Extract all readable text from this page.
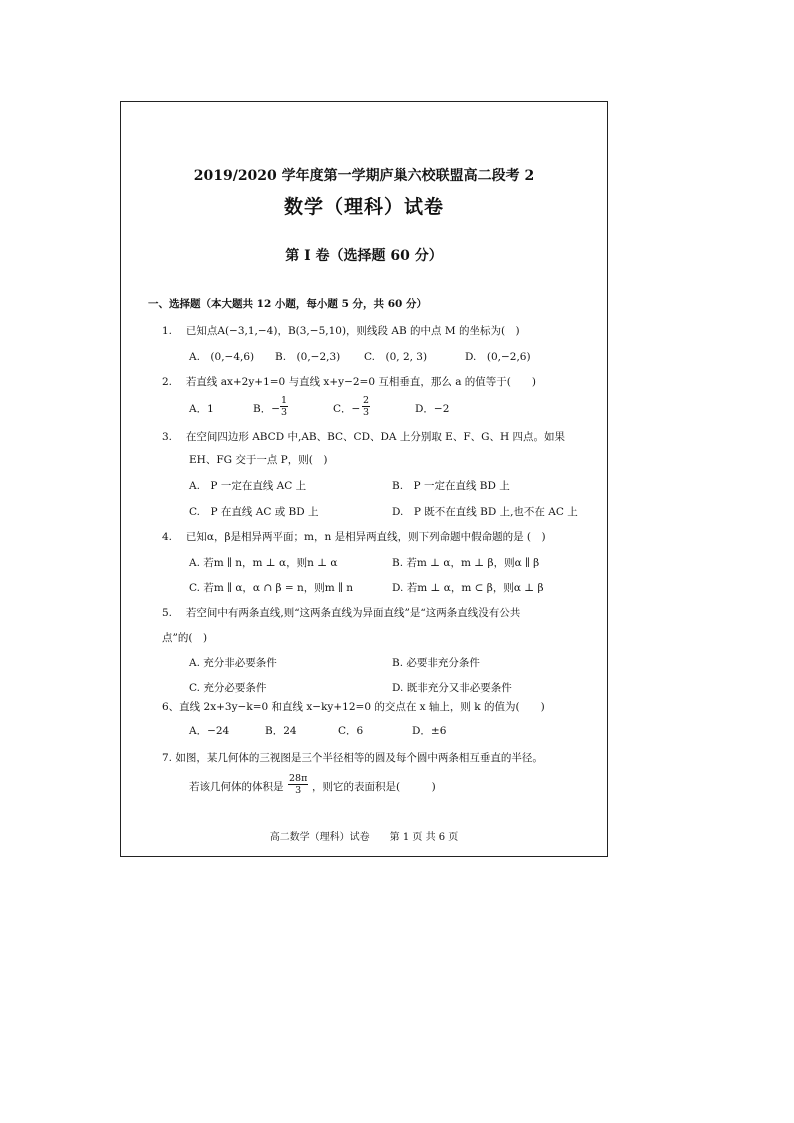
2019/2020 学年度第一学期庐巢六校联盟高二段考 2
数学（理科）试卷
第 I 卷（选择题 60 分）
一、选择题（本大题共 12 小题，每小题 5 分，共 60 分）
1.　 已知点A(−3,1,−4)，B(3,−5,10)，则线段 AB 的中点 M 的坐标为(　)
A.　(0,−4,6) B.　(0,−2,3) C.　(0, 2, 3)	D.　(0,−2,6)
2.　 若直线 ax+2y+1=0 与直线 x+y−2=0 互相垂直，那么 a 的值等于(　　)
A．1	B．− $\frac{1}{3}$	C．− $\frac{2}{3}$	D．−2
3.　 在空间四边形 ABCD 中,AB、BC、CD、DA 上分别取 E、F、G、H 四点。如果
EH、FG 交于一点 P，则(　)
A.　P 一定在直线 AC 上	B.　P 一定在直线 BD 上
C.　P 在直线 AC 或 BD 上	D.　P 既不在直线 BD 上,也不在 AC 上
4.　 已知α，β是相异两平面；m，n 是相异两直线，则下列命题中假命题的是 (　)
A. 若m ∥ n，m ⊥ α，则n ⊥ α	B. 若m ⊥ α，m ⊥ β，则α ∥ β
C. 若m ∥ α，α ∩ β = n，则m ∥ n	D. 若m ⊥ α，m ⊂ β，则α ⊥ β
5.　 若空间中有两条直线,则“这两条直线为异面直线”是“这两条直线没有公共
点”的(　)
A. 充分非必要条件	B. 必要非充分条件
C. 充分必要条件	D. 既非充分又非必要条件
6、直线 2x+3y−k=0 和直线 x−ky+12=0 的交点在 x 轴上，则 k 的值为(　　)
A．−24	B．24	C．6	D．±6
7. 如图，某几何体的三视图是三个半径相等的圆及每个圆中两条相互垂直的半径。
若该几何体的体积是 $\frac{28\pi}{3}$ ，则它的表面积是(　　　)
高二数学（理科）试卷　　第 1 页 共 6 页
